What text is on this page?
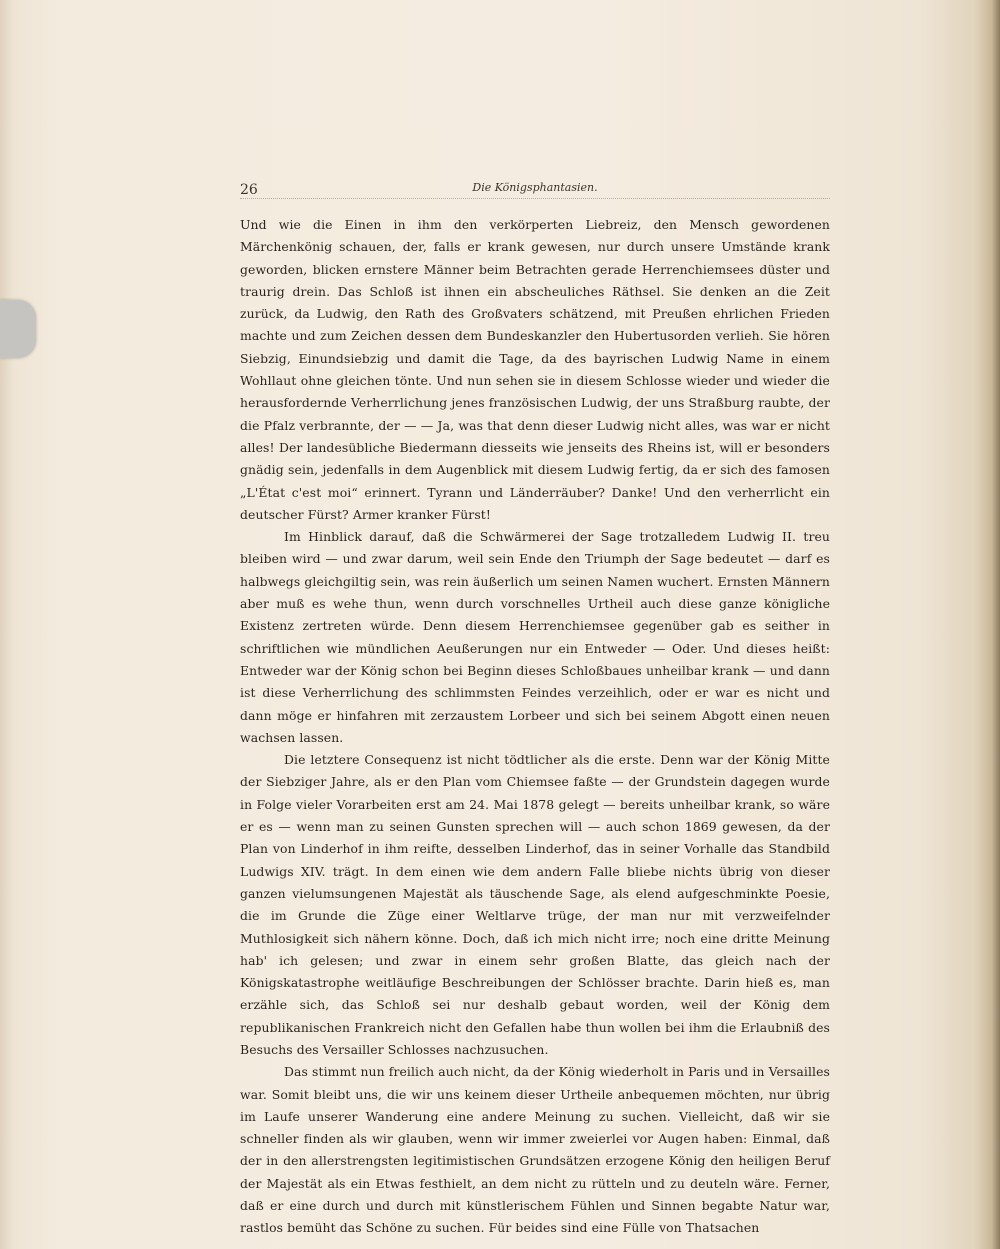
26	Die Königsphantasien.

Und wie die Einen in ihm den verkörperten Liebreiz, den Mensch gewordenen Märchenkönig schauen, der, falls er krank gewesen, nur durch unsere Umstände krank geworden, blicken ernstere Männer beim Betrachten gerade Herrenchiemsees düster und traurig drein. Das Schloß ist ihnen ein abscheuliches Räthsel. Sie denken an die Zeit zurück, da Ludwig, den Rath des Großvaters schätzend, mit Preußen ehrlichen Frieden machte und zum Zeichen dessen dem Bundeskanzler den Hubertusorden verlieh. Sie hören Siebzig, Einundsiebzig und damit die Tage, da des bayrischen Ludwig Name in einem Wohllaut ohne gleichen tönte. Und nun sehen sie in diesem Schlosse wieder und wieder die herausfordernde Verherrlichung jenes französischen Ludwig, der uns Straßburg raubte, der die Pfalz verbrannte, der — — Ja, was that denn dieser Ludwig nicht alles, was war er nicht alles! Der landesübliche Biedermann diesseits wie jenseits des Rheins ist, will er besonders gnädig sein, jedenfalls in dem Augenblick mit diesem Ludwig fertig, da er sich des famosen „L'État c'est moi“ erinnert. Tyrann und Länderräuber? Danke! Und den verherrlicht ein deutscher Fürst? Armer kranker Fürst!

Im Hinblick darauf, daß die Schwärmerei der Sage trotzalledem Ludwig II. treu bleiben wird — und zwar darum, weil sein Ende den Triumph der Sage bedeutet — darf es halbwegs gleichgiltig sein, was rein äußerlich um seinen Namen wuchert. Ernsten Männern aber muß es wehe thun, wenn durch vorschnelles Urtheil auch diese ganze königliche Existenz zertreten würde. Denn diesem Herrenchiemsee gegenüber gab es seither in schriftlichen wie mündlichen Aeußerungen nur ein Entweder — Oder. Und dieses heißt: Entweder war der König schon bei Beginn dieses Schloßbaues unheilbar krank — und dann ist diese Verherrlichung des schlimmsten Feindes verzeihlich, oder er war es nicht und dann möge er hinfahren mit zerzaustem Lorbeer und sich bei seinem Abgott einen neuen wachsen lassen.

Die letztere Consequenz ist nicht tödtlicher als die erste. Denn war der König Mitte der Siebziger Jahre, als er den Plan vom Chiemsee faßte — der Grundstein dagegen wurde in Folge vieler Vorarbeiten erst am 24. Mai 1878 gelegt — bereits unheilbar krank, so wäre er es — wenn man zu seinen Gunsten sprechen will — auch schon 1869 gewesen, da der Plan von Linderhof in ihm reifte, desselben Linderhof, das in seiner Vorhalle das Standbild Ludwigs XIV. trägt. In dem einen wie dem andern Falle bliebe nichts übrig von dieser ganzen vielumsungenen Majestät als täuschende Sage, als elend aufgeschminkte Poesie, die im Grunde die Züge einer Weltlarve trüge, der man nur mit verzweifelnder Muthlosigkeit sich nähern könne. Doch, daß ich mich nicht irre; noch eine dritte Meinung hab' ich gelesen; und zwar in einem sehr großen Blatte, das gleich nach der Königskatastrophe weitläufige Beschreibungen der Schlösser brachte. Darin hieß es, man erzähle sich, das Schloß sei nur deshalb gebaut worden, weil der König dem republikanischen Frankreich nicht den Gefallen habe thun wollen bei ihm die Erlaubniß des Besuchs des Versailler Schlosses nachzusuchen.

Das stimmt nun freilich auch nicht, da der König wiederholt in Paris und in Versailles war. Somit bleibt uns, die wir uns keinem dieser Urtheile anbequemen möchten, nur übrig im Laufe unserer Wanderung eine andere Meinung zu suchen. Vielleicht, daß wir sie schneller finden als wir glauben, wenn wir immer zweierlei vor Augen haben: Einmal, daß der in den allerstrengsten legitimistischen Grundsätzen erzogene König den heiligen Beruf der Majestät als ein Etwas festhielt, an dem nicht zu rütteln und zu deuteln wäre. Ferner, daß er eine durch und durch mit künstlerischem Fühlen und Sinnen begabte Natur war, rastlos bemüht das Schöne zu suchen. Für beides sind eine Fülle von Thatsachen
